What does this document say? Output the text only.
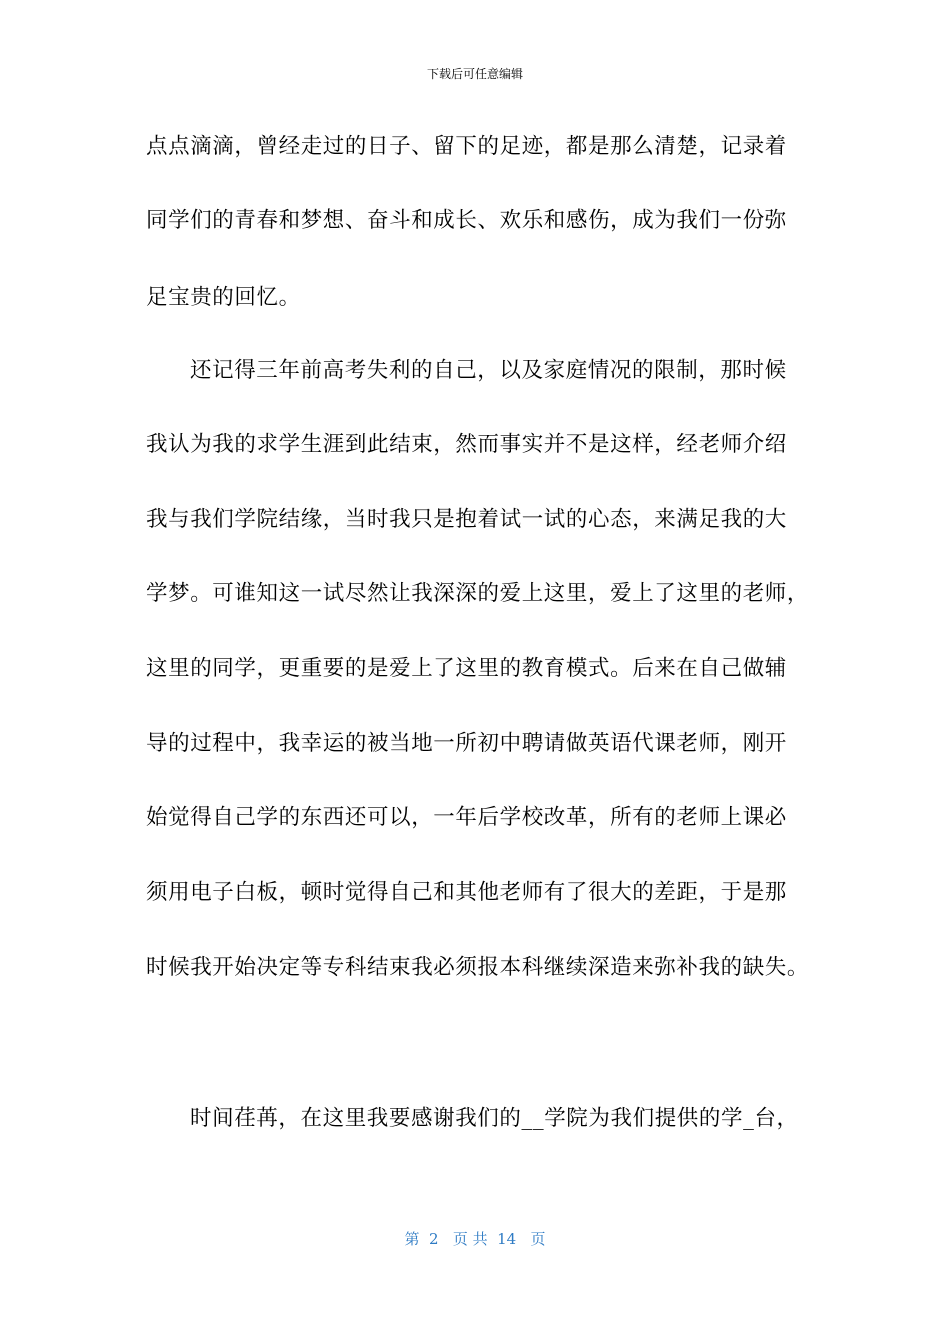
下载后可任意编辑
点点滴滴，曾经走过的日子、留下的足迹，都是那么清楚，记录着
同学们的青春和梦想、奋斗和成长、欢乐和感伤，成为我们一份弥
足宝贵的回忆。
还记得三年前高考失利的自己，以及家庭情况的限制，那时候
我认为我的求学生涯到此结束，然而事实并不是这样，经老师介绍
我与我们学院结缘，当时我只是抱着试一试的心态，来满足我的大
学梦。可谁知这一试尽然让我深深的爱上这里，爱上了这里的老师，
这里的同学，更重要的是爱上了这里的教育模式。后来在自己做辅
导的过程中，我幸运的被当地一所初中聘请做英语代课老师，刚开
始觉得自己学的东西还可以，一年后学校改革，所有的老师上课必
须用电子白板，顿时觉得自己和其他老师有了很大的差距，于是那
时候我开始决定等专科结束我必须报本科继续深造来弥补我的缺失。
时间荏苒，在这里我要感谢我们的__学院为我们提供的学_台，
第  2   页 共  14   页
